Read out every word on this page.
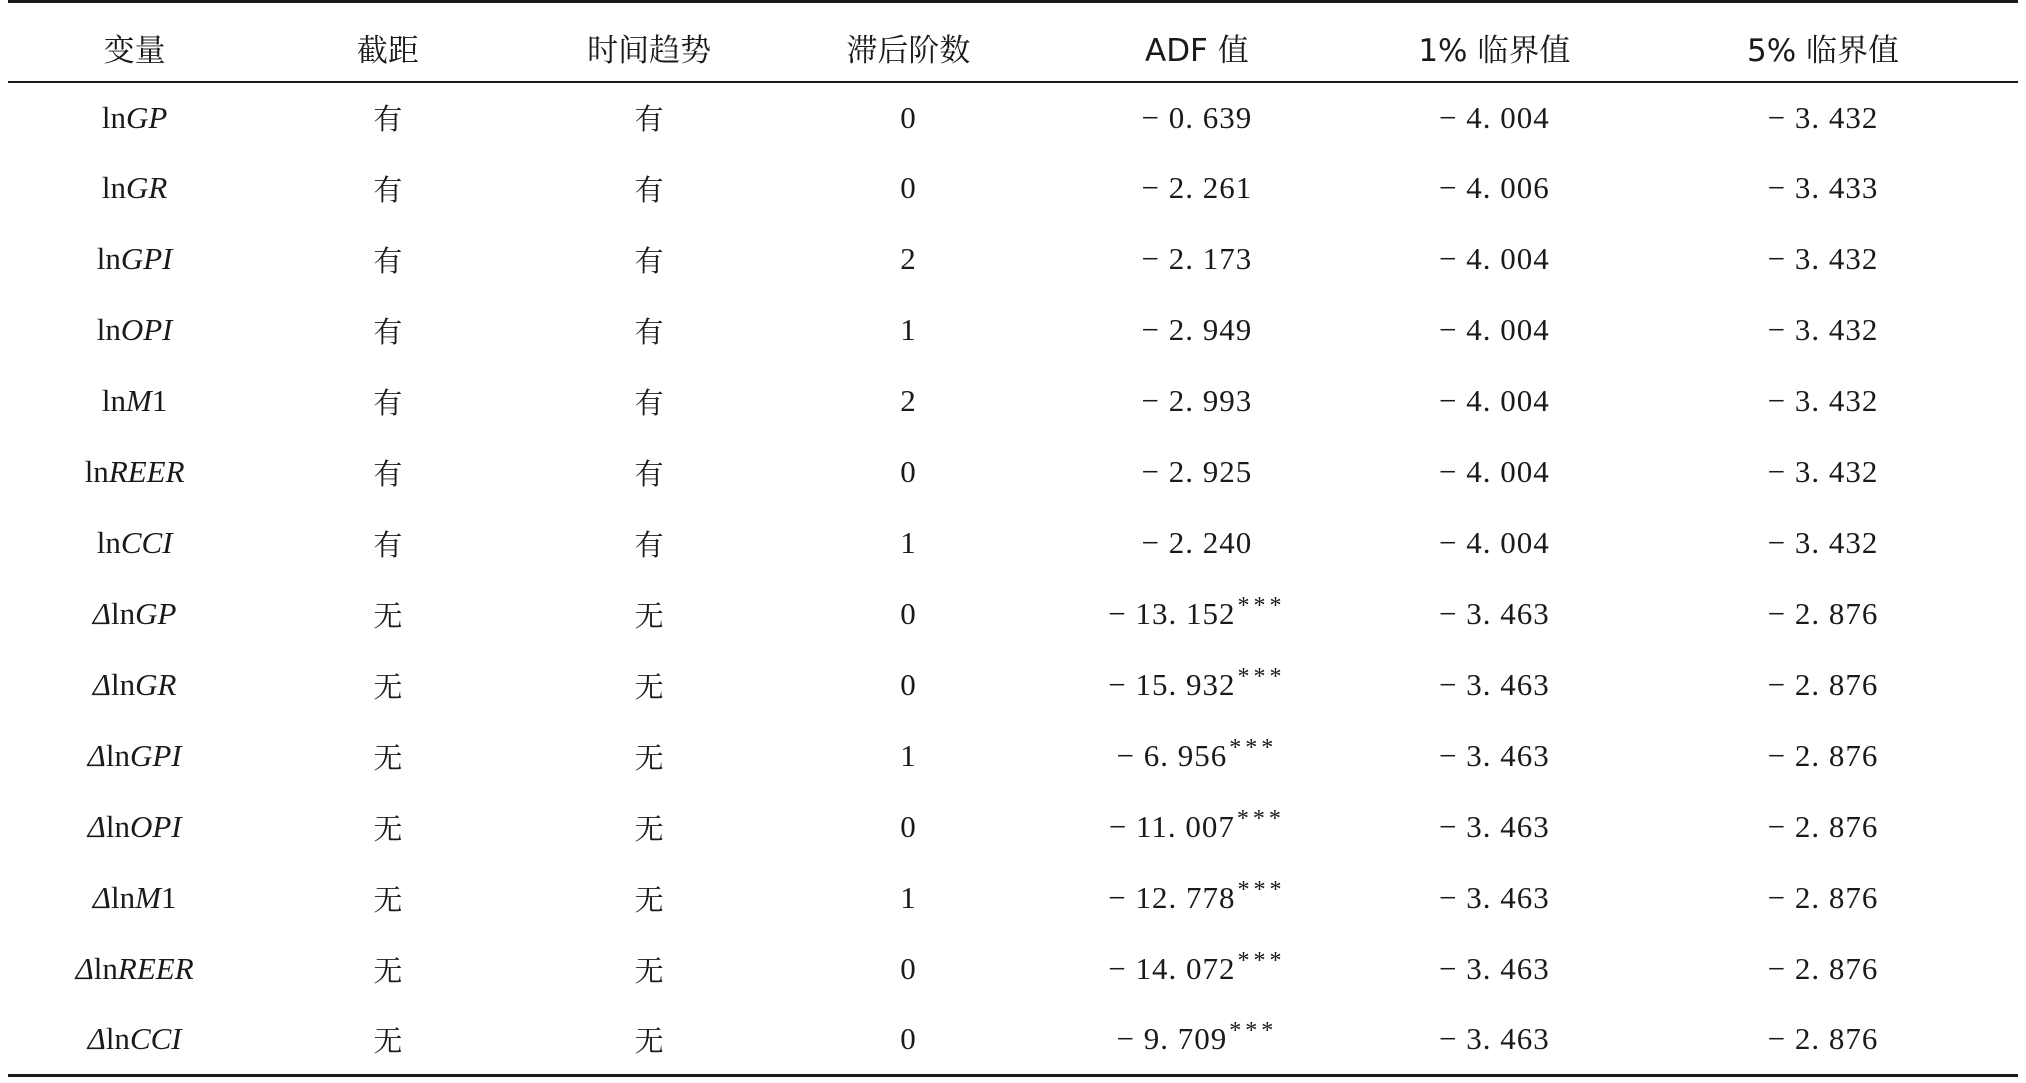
变量	截距	时间趋势	滞后阶数	ADF 值	1% 临界值	5% 临界值
lnGP	有	有	0	− 0. 639	− 4. 004	− 3. 432
lnGR	有	有	0	− 2. 261	− 4. 006	− 3. 433
lnGPI	有	有	2	− 2. 173	− 4. 004	− 3. 432
lnOPI	有	有	1	− 2. 949	− 4. 004	− 3. 432
lnM1	有	有	2	− 2. 993	− 4. 004	− 3. 432
lnREER	有	有	0	− 2. 925	− 4. 004	− 3. 432
lnCCI	有	有	1	− 2. 240	− 4. 004	− 3. 432
ΔlnGP	无	无	0	− 13. 152***	− 3. 463	− 2. 876
ΔlnGR	无	无	0	− 15. 932***	− 3. 463	− 2. 876
ΔlnGPI	无	无	1	− 6. 956***	− 3. 463	− 2. 876
ΔlnOPI	无	无	0	− 11. 007***	− 3. 463	− 2. 876
ΔlnM1	无	无	1	− 12. 778***	− 3. 463	− 2. 876
ΔlnREER	无	无	0	− 14. 072***	− 3. 463	− 2. 876
ΔlnCCI	无	无	0	− 9. 709***	− 3. 463	− 2. 876
